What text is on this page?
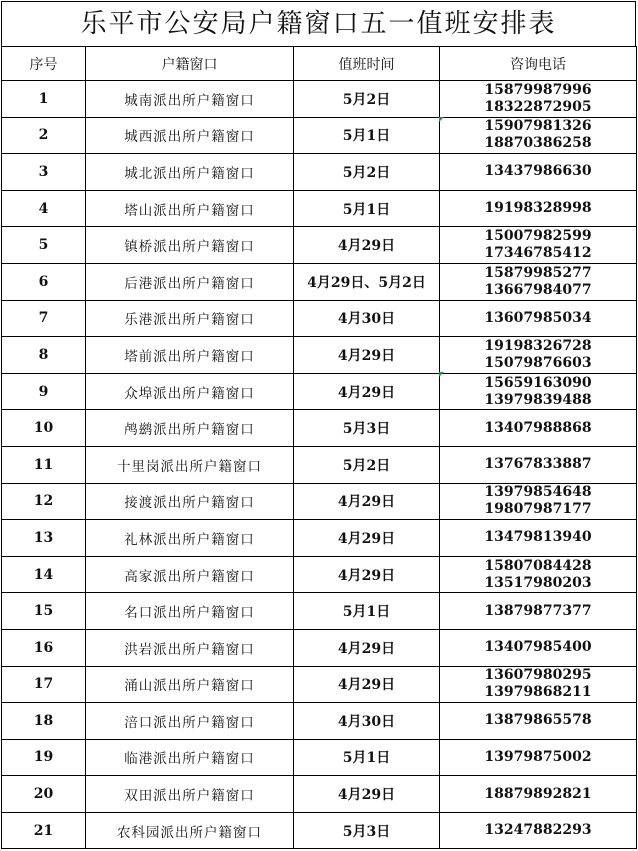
乐平市公安局户籍窗口五一值班安排表
序号	户籍窗口	值班时间	咨询电话
1	城南派出所户籍窗口	5月2日	15879987996
18322872905

2	城西派出所户籍窗口	5月1日	15907981326
18870386258

3	城北派出所户籍窗口	5月2日	13437986630

4	塔山派出所户籍窗口	5月1日	19198328998

5	镇桥派出所户籍窗口	4月29日	15007982599
17346785412

6	后港派出所户籍窗口	4月29日、5月2日	15879985277
13667984077

7	乐港派出所户籍窗口	4月30日	13607985034

8	塔前派出所户籍窗口	4月29日	19198326728
15079876603

9	众埠派出所户籍窗口	4月29日	15659163090
13979839488

10	鸬鹚派出所户籍窗口	5月3日	13407988868

11	十里岗派出所户籍窗口	5月2日	13767833887

12	接渡派出所户籍窗口	4月29日	13979854648
19807987177

13	礼林派出所户籍窗口	4月29日	13479813940

14	高家派出所户籍窗口	4月29日	15807084428
13517980203

15	名口派出所户籍窗口	5月1日	13879877377

16	洪岩派出所户籍窗口	4月29日	13407985400

17	涌山派出所户籍窗口	4月29日	13607980295
13979868211

18	涪口派出所户籍窗口	4月30日	13879865578

19	临港派出所户籍窗口	5月1日	13979875002

20	双田派出所户籍窗口	4月29日	18879892821

21	农科园派出所户籍窗口	5月3日	13247882293
